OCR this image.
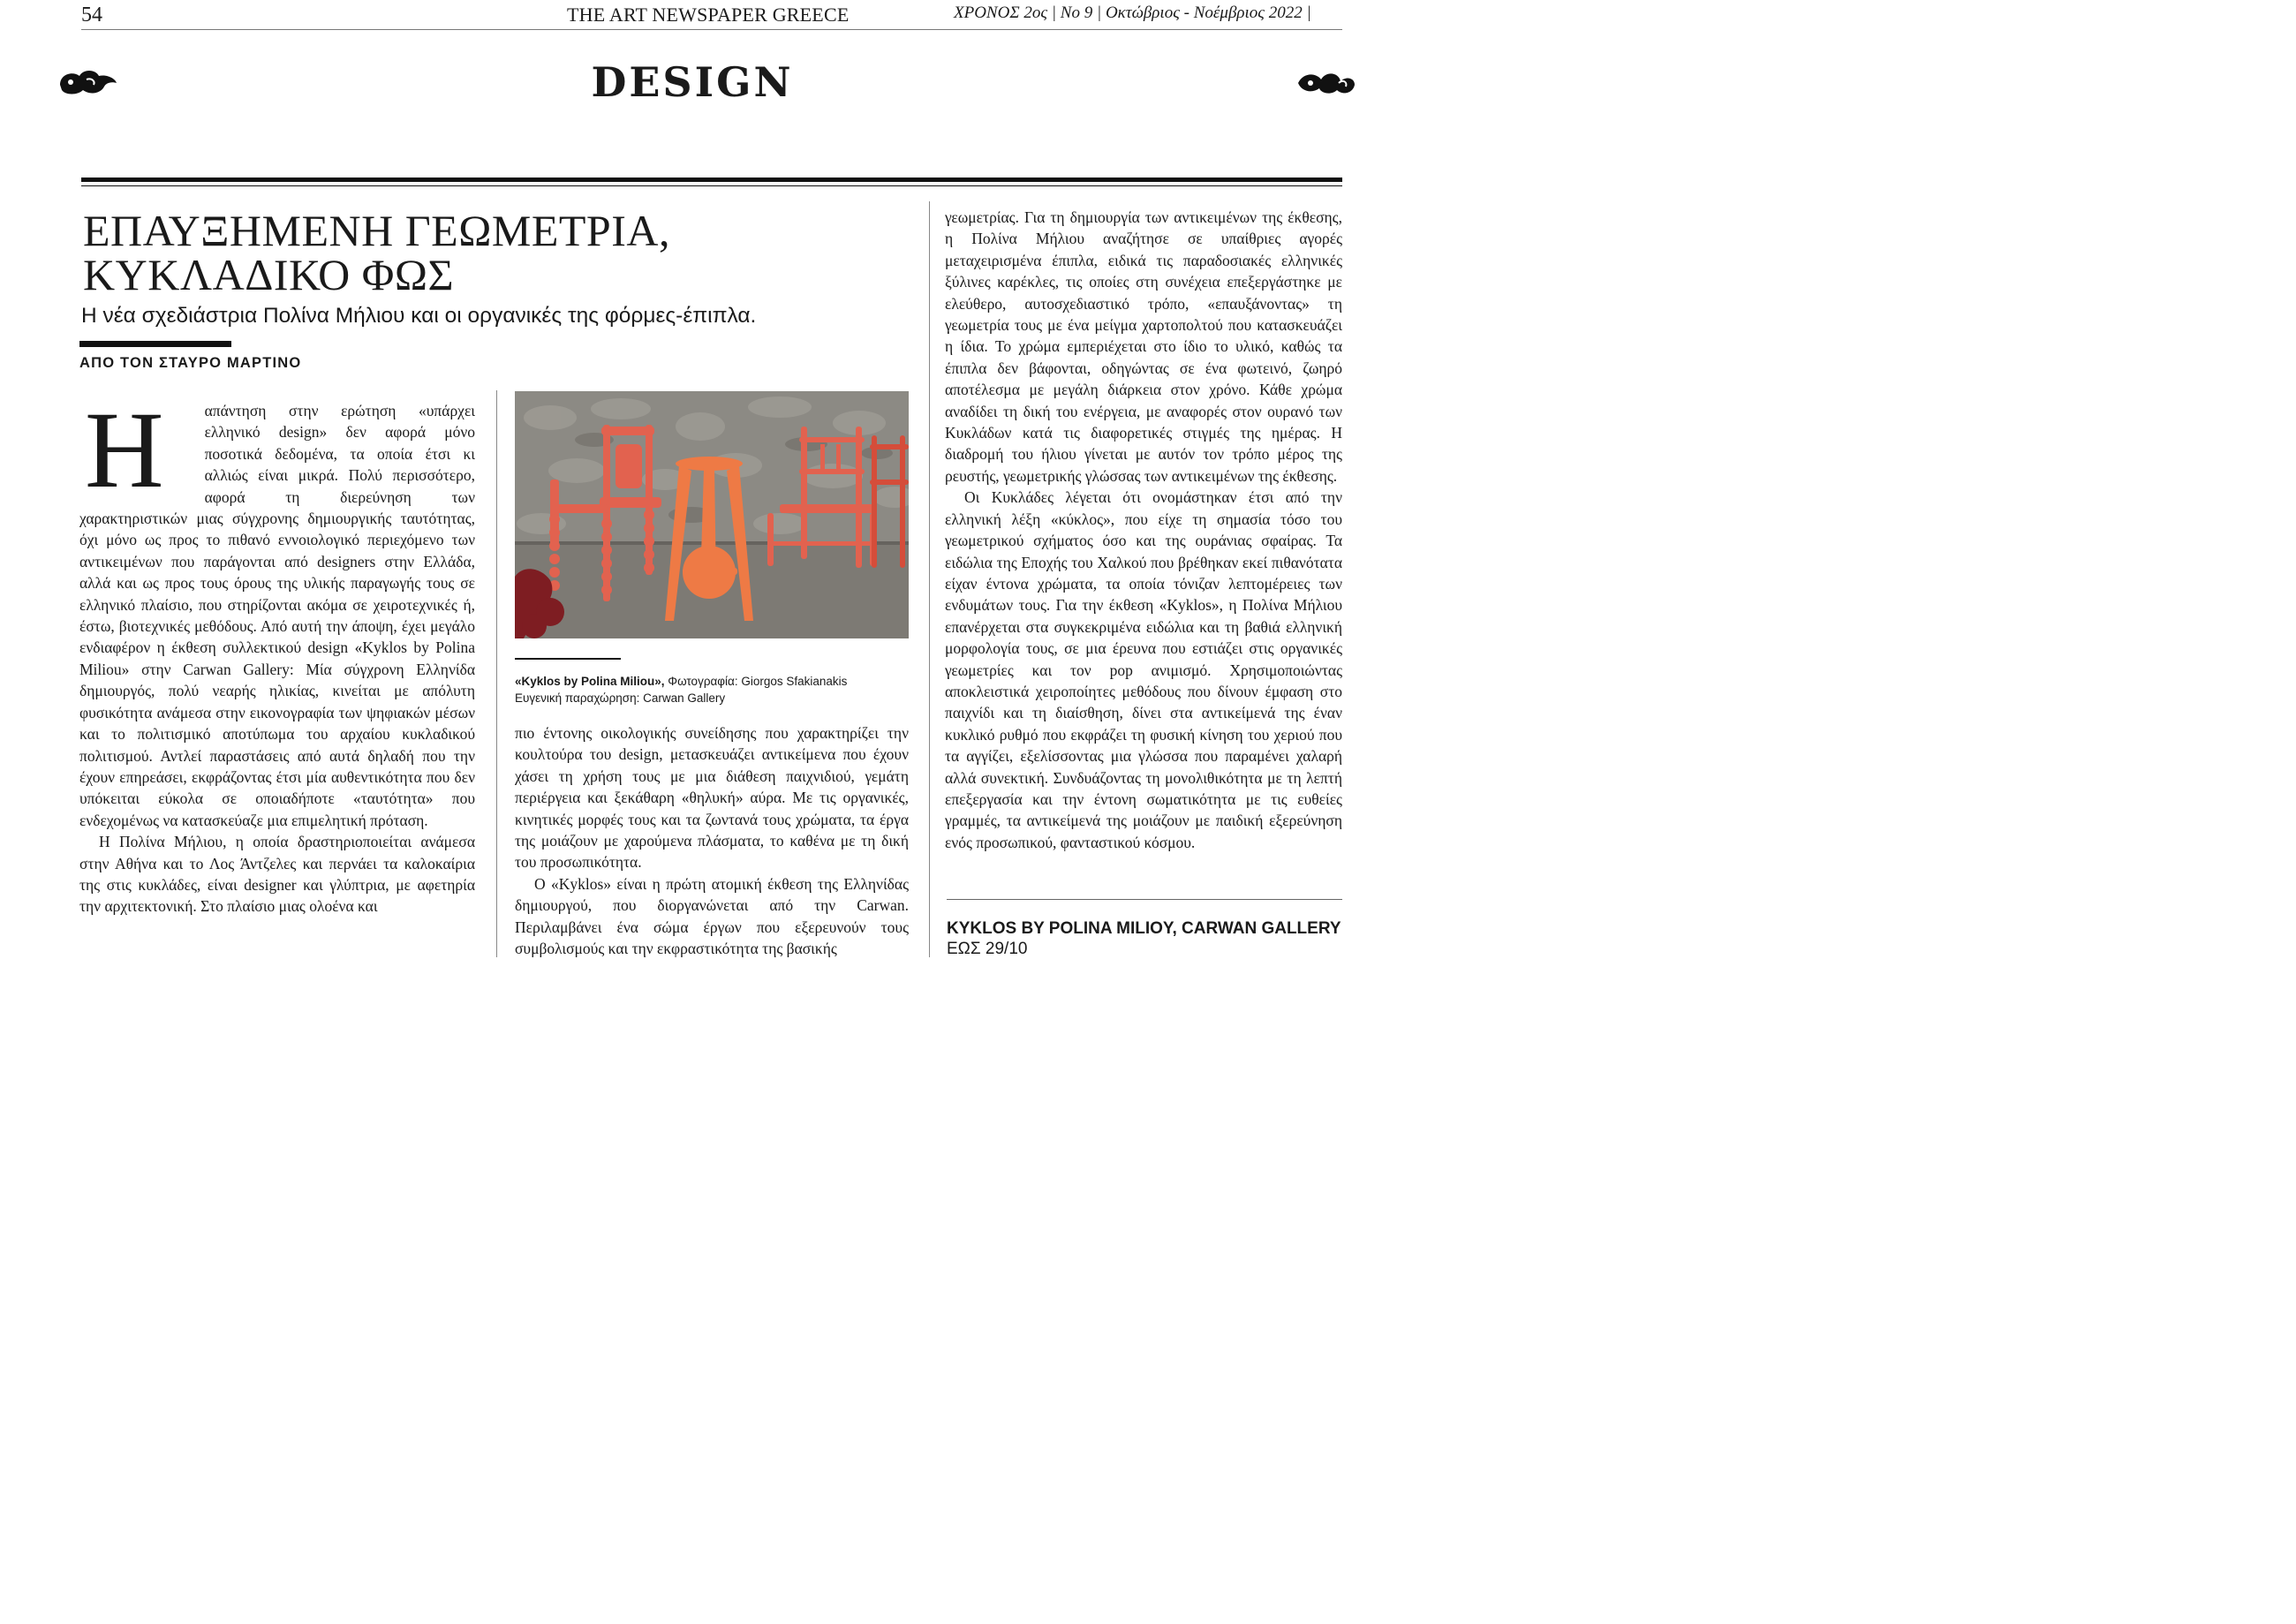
54	THE ART NEWSPAPER GREECE	ΧΡΟΝΟΣ 2ος | Νο 9 | Οκτώβριος - Νοέμβριος 2022 |
DESIGN
ΕΠΑΥΞΗΜΕΝΗ ΓΕΩΜΕΤΡΙΑ,
ΚΥΚΛΑΔΙΚΟ ΦΩΣ
Η νέα σχεδιάστρια Πολίνα Μήλιου και οι οργανικές της φόρμες-έπιπλα.
ΑΠΟ ΤΟΝ ΣΤΑΥΡΟ ΜΑΡΤΙΝΟ
Η	απάντηση στην ερώτηση «υπάρχει ελληνικό design» δεν αφορά μόνο ποσοτικά δεδομένα, τα οποία έτσι κι αλλιώς είναι μικρά. Πολύ περισσότερο, αφορά τη διερεύνηση των χαρακτηριστικών μιας σύγχρονης δημιουργικής ταυτότητας, όχι μόνο ως προς το πιθανό εννοιολογικό περιεχόμενο των αντικειμένων που παράγονται από designers στην Ελλάδα, αλλά και ως προς τους όρους της υλικής παραγωγής τους σε ελληνικό πλαίσιο, που στηρίζονται ακόμα σε χειροτεχνικές ή, έστω, βιοτεχνικές μεθόδους. Από αυτή την άποψη, έχει μεγάλο ενδιαφέρον η έκθεση συλλεκτικού design «Kyklos by Polina Miliou» στην Carwan Gallery: Μία σύγχρονη Ελληνίδα δημιουργός, πολύ νεαρής ηλικίας, κινείται με απόλυτη φυσικότητα ανάμεσα στην εικονογραφία των ψηφιακών μέσων και το πολιτισμικό αποτύπωμα του αρχαίου κυκλαδικού πολιτισμού. Αντλεί παραστάσεις από αυτά δηλαδή που την έχουν επηρεάσει, εκφράζοντας έτσι μία αυθεντικότητα που δεν υπόκειται εύκολα σε οποιαδήποτε «ταυτότητα» που ενδεχομένως να κατασκεύαζε μια επιμελητική πρόταση.

Η Πολίνα Μήλιου, η οποία δραστηριοποιείται ανάμεσα στην Αθήνα και το Λος Άντζελες και περνάει τα καλοκαίρια της στις κυκλάδες, είναι designer και γλύπτρια, με αφετηρία την αρχιτεκτονική. Στο πλαίσιο μιας ολοένα και

«Kyklos by Polina Miliou», Φωτογραφία: Giorgos Sfakianakis
Ευγενική παραχώρηση: Carwan Gallery

πιο έντονης οικολογικής συνείδησης που χαρακτηρίζει την κουλτούρα του design, μετασκευάζει αντικείμενα που έχουν χάσει τη χρήση τους με μια διάθεση παιχνιδιού, γεμάτη περιέργεια και ξεκάθαρη «θηλυκή» αύρα. Με τις οργανικές, κινητικές μορφές τους και τα ζωντανά τους χρώματα, τα έργα της μοιάζουν με χαρούμενα πλάσματα, το καθένα με τη δική του προσωπικότητα.

Ο «Kyklos» είναι η πρώτη ατομική έκθεση της Ελληνίδας δημιουργού, που διοργανώνεται από την Carwan. Περιλαμβάνει ένα σώμα έργων που εξερευνούν τους συμβολισμούς και την εκφραστικότητα της βασικής

γεωμετρίας. Για τη δημιουργία των αντικειμένων της έκθεσης, η Πολίνα Μήλιου αναζήτησε σε υπαίθριες αγορές μεταχειρισμένα έπιπλα, ειδικά τις παραδοσιακές ελληνικές ξύλινες καρέκλες, τις οποίες στη συνέχεια επεξεργάστηκε με ελεύθερο, αυτοσχεδιαστικό τρόπο, «επαυξάνοντας» τη γεωμετρία τους με ένα μείγμα χαρτοπολτού που κατασκευάζει η ίδια. Το χρώμα εμπεριέχεται στο ίδιο το υλικό, καθώς τα έπιπλα δεν βάφονται, οδηγώντας σε ένα φωτεινό, ζωηρό αποτέλεσμα με μεγάλη διάρκεια στον χρόνο. Κάθε χρώμα αναδίδει τη δική του ενέργεια, με αναφορές στον ουρανό των Κυκλάδων κατά τις διαφορετικές στιγμές της ημέρας. Η διαδρομή του ήλιου γίνεται με αυτόν τον τρόπο μέρος της ρευστής, γεωμετρικής γλώσσας των αντικειμένων της έκθεσης.

Οι Κυκλάδες λέγεται ότι ονομάστηκαν έτσι από την ελληνική λέξη «κύκλος», που είχε τη σημασία τόσο του γεωμετρικού σχήματος όσο και της ουράνιας σφαίρας. Τα ειδώλια της Εποχής του Χαλκού που βρέθηκαν εκεί πιθανότατα είχαν έντονα χρώματα, τα οποία τόνιζαν λεπτομέρειες των ενδυμάτων τους. Για την έκθεση «Kyklos», η Πολίνα Μήλιου επανέρχεται στα συγκεκριμένα ειδώλια και τη βαθιά ελληνική μορφολογία τους, σε μια έρευνα που εστιάζει στις οργανικές γεωμετρίες και τον pop ανιμισμό. Χρησιμοποιώντας αποκλειστικά χειροποίητες μεθόδους που δίνουν έμφαση στο παιχνίδι και τη διαίσθηση, δίνει στα αντικείμενά της έναν κυκλικό ρυθμό που εκφράζει τη φυσική κίνηση του χεριού που τα αγγίζει, εξελίσσοντας μια γλώσσα που παραμένει χαλαρή αλλά συνεκτική. Συνδυάζοντας τη μονολιθικότητα με τη λεπτή επεξεργασία και την έντονη σωματικότητα με τις ευθείες γραμμές, τα αντικείμενά της μοιάζουν με παιδική εξερεύνηση ενός προσωπικού, φανταστικού κόσμου.

KYKLOS BY POLINA MILIOY, CARWAN GALLERY ΕΩΣ 29/10
